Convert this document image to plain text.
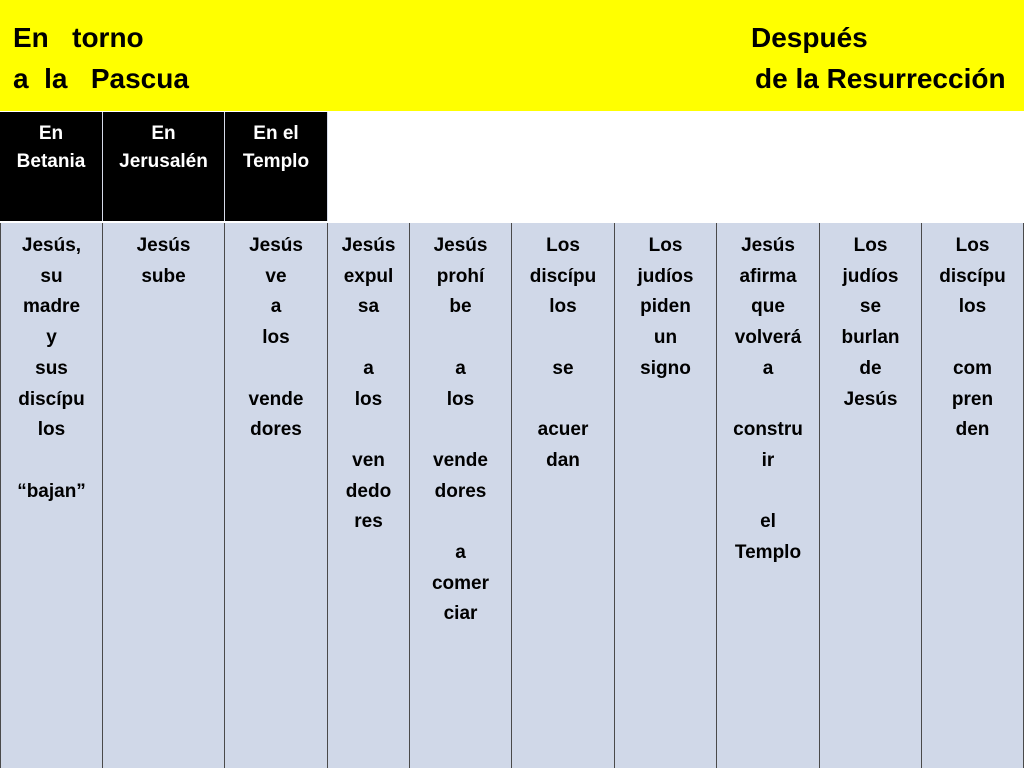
En   torno
a  la   Pascua
Después
de la Resurrección
En
Betania
En
Jerusalén
En el
Templo
Jesús,
su
madre
y
sus
discípu
los

“bajan”
Jesús
sube
Jesús
ve
a
los

vende
dores
Jesús
expul
sa

a
los

ven
dedo
res
Jesús
prohí
be

a
los

vende
dores

a
comer
ciar
Los
discípu
los

se

acuer
dan
Los
judíos
piden
un
signo
Jesús
afirma
que
volverá
a

constru
ir

el
Templo
Los
judíos
se
burlan
de
Jesús
Los
discípu
los

com
pren
den
